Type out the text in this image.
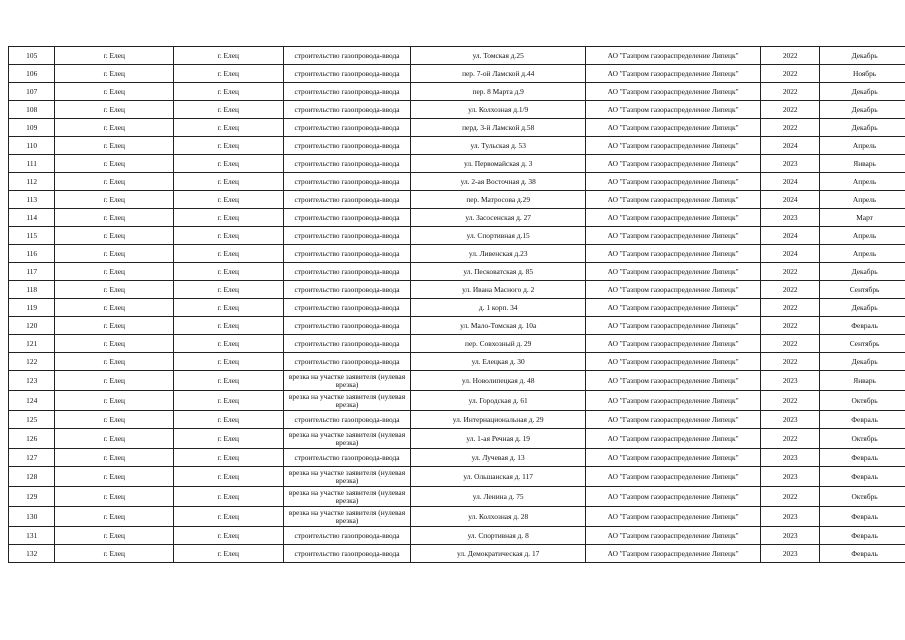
105	г. Елец	г. Елец	строительство газопровода-ввода	ул. Томская д.25	АО "Газпром газораспределение Липецк"	2022	Декабрь
106	г. Елец	г. Елец	строительство газопровода-ввода	пер. 7-ой Ламской д.44	АО "Газпром газораспределение Липецк"	2022	Ноябрь
107	г. Елец	г. Елец	строительство газопровода-ввода	пер. 8 Марта д.9	АО "Газпром газораспределение Липецк"	2022	Декабрь
108	г. Елец	г. Елец	строительство газопровода-ввода	ул. Колхозная д.1/9	АО "Газпром газораспределение Липецк"	2022	Декабрь
109	г. Елец	г. Елец	строительство газопровода-ввода	перд. 3-й Ламской д.58	АО "Газпром газораспределение Липецк"	2022	Декабрь
110	г. Елец	г. Елец	строительство газопровода-ввода	ул. Тульская д. 53	АО "Газпром газораспределение Липецк"	2024	Апрель
111	г. Елец	г. Елец	строительство газопровода-ввода	ул. Первомайская д. 3	АО "Газпром газораспределение Липецк"	2023	Январь
112	г. Елец	г. Елец	строительство газопровода-ввода	ул. 2-ая Восточная д. 38	АО "Газпром газораспределение Липецк"	2024	Апрель
113	г. Елец	г. Елец	строительство газопровода-ввода	пер. Матросова д.29	АО "Газпром газораспределение Липецк"	2024	Апрель
114	г. Елец	г. Елец	строительство газопровода-ввода	ул. Засосенская д. 27	АО "Газпром газораспределение Липецк"	2023	Март
115	г. Елец	г. Елец	строительство газопровода-ввода	ул. Спортивная д.15	АО "Газпром газораспределение Липецк"	2024	Апрель
116	г. Елец	г. Елец	строительство газопровода-ввода	ул. Ливенская д.23	АО "Газпром газораспределение Липецк"	2024	Апрель
117	г. Елец	г. Елец	строительство газопровода-ввода	ул. Песковатская д. 85	АО "Газпром газораспределение Липецк"	2022	Декабрь
118	г. Елец	г. Елец	строительство газопровода-ввода	ул. Ивана Масного д. 2	АО "Газпром газораспределение Липецк"	2022	Сентябрь
119	г. Елец	г. Елец	строительство газопровода-ввода	д. 1 корп. 34	АО "Газпром газораспределение Липецк"	2022	Декабрь
120	г. Елец	г. Елец	строительство газопровода-ввода	ул. Мало-Томская д. 10а	АО "Газпром газораспределение Липецк"	2022	Февраль
121	г. Елец	г. Елец	строительство газопровода-ввода	пер. Совхозный д. 29	АО "Газпром газораспределение Липецк"	2022	Сентябрь
122	г. Елец	г. Елец	строительство газопровода-ввода	ул. Елецкая д. 30	АО "Газпром газораспределение Липецк"	2022	Декабрь
123	г. Елец	г. Елец	врезка на участке заявителя (нулевая врезка)	ул. Новолипецкая д. 48	АО "Газпром газораспределение Липецк"	2023	Январь
124	г. Елец	г. Елец	врезка на участке заявителя (нулевая врезка)	ул. Городская д. 61	АО "Газпром газораспределение Липецк"	2022	Октябрь
125	г. Елец	г. Елец	строительство газопровода-ввода	ул. Интернациональная д. 29	АО "Газпром газораспределение Липецк"	2023	Февраль
126	г. Елец	г. Елец	врезка на участке заявителя (нулевая врезка)	ул. 1-ая Речная д. 19	АО "Газпром газораспределение Липецк"	2022	Октябрь
127	г. Елец	г. Елец	строительство газопровода-ввода	ул. Лучевая д. 13	АО "Газпром газораспределение Липецк"	2023	Февраль
128	г. Елец	г. Елец	врезка на участке заявителя (нулевая врезка)	ул. Ольшанская д. 117	АО "Газпром газораспределение Липецк"	2023	Февраль
129	г. Елец	г. Елец	врезка на участке заявителя (нулевая врезка)	ул. Ленина д. 75	АО "Газпром газораспределение Липецк"	2022	Октябрь
130	г. Елец	г. Елец	врезка на участке заявителя (нулевая врезка)	ул. Колхозная д. 28	АО "Газпром газораспределение Липецк"	2023	Февраль
131	г. Елец	г. Елец	строительство газопровода-ввода	ул. Спортивная д. 8	АО "Газпром газораспределение Липецк"	2023	Февраль
132	г. Елец	г. Елец	строительство газопровода-ввода	ул. Демократическая д. 17	АО "Газпром газораспределение Липецк"	2023	Февраль
